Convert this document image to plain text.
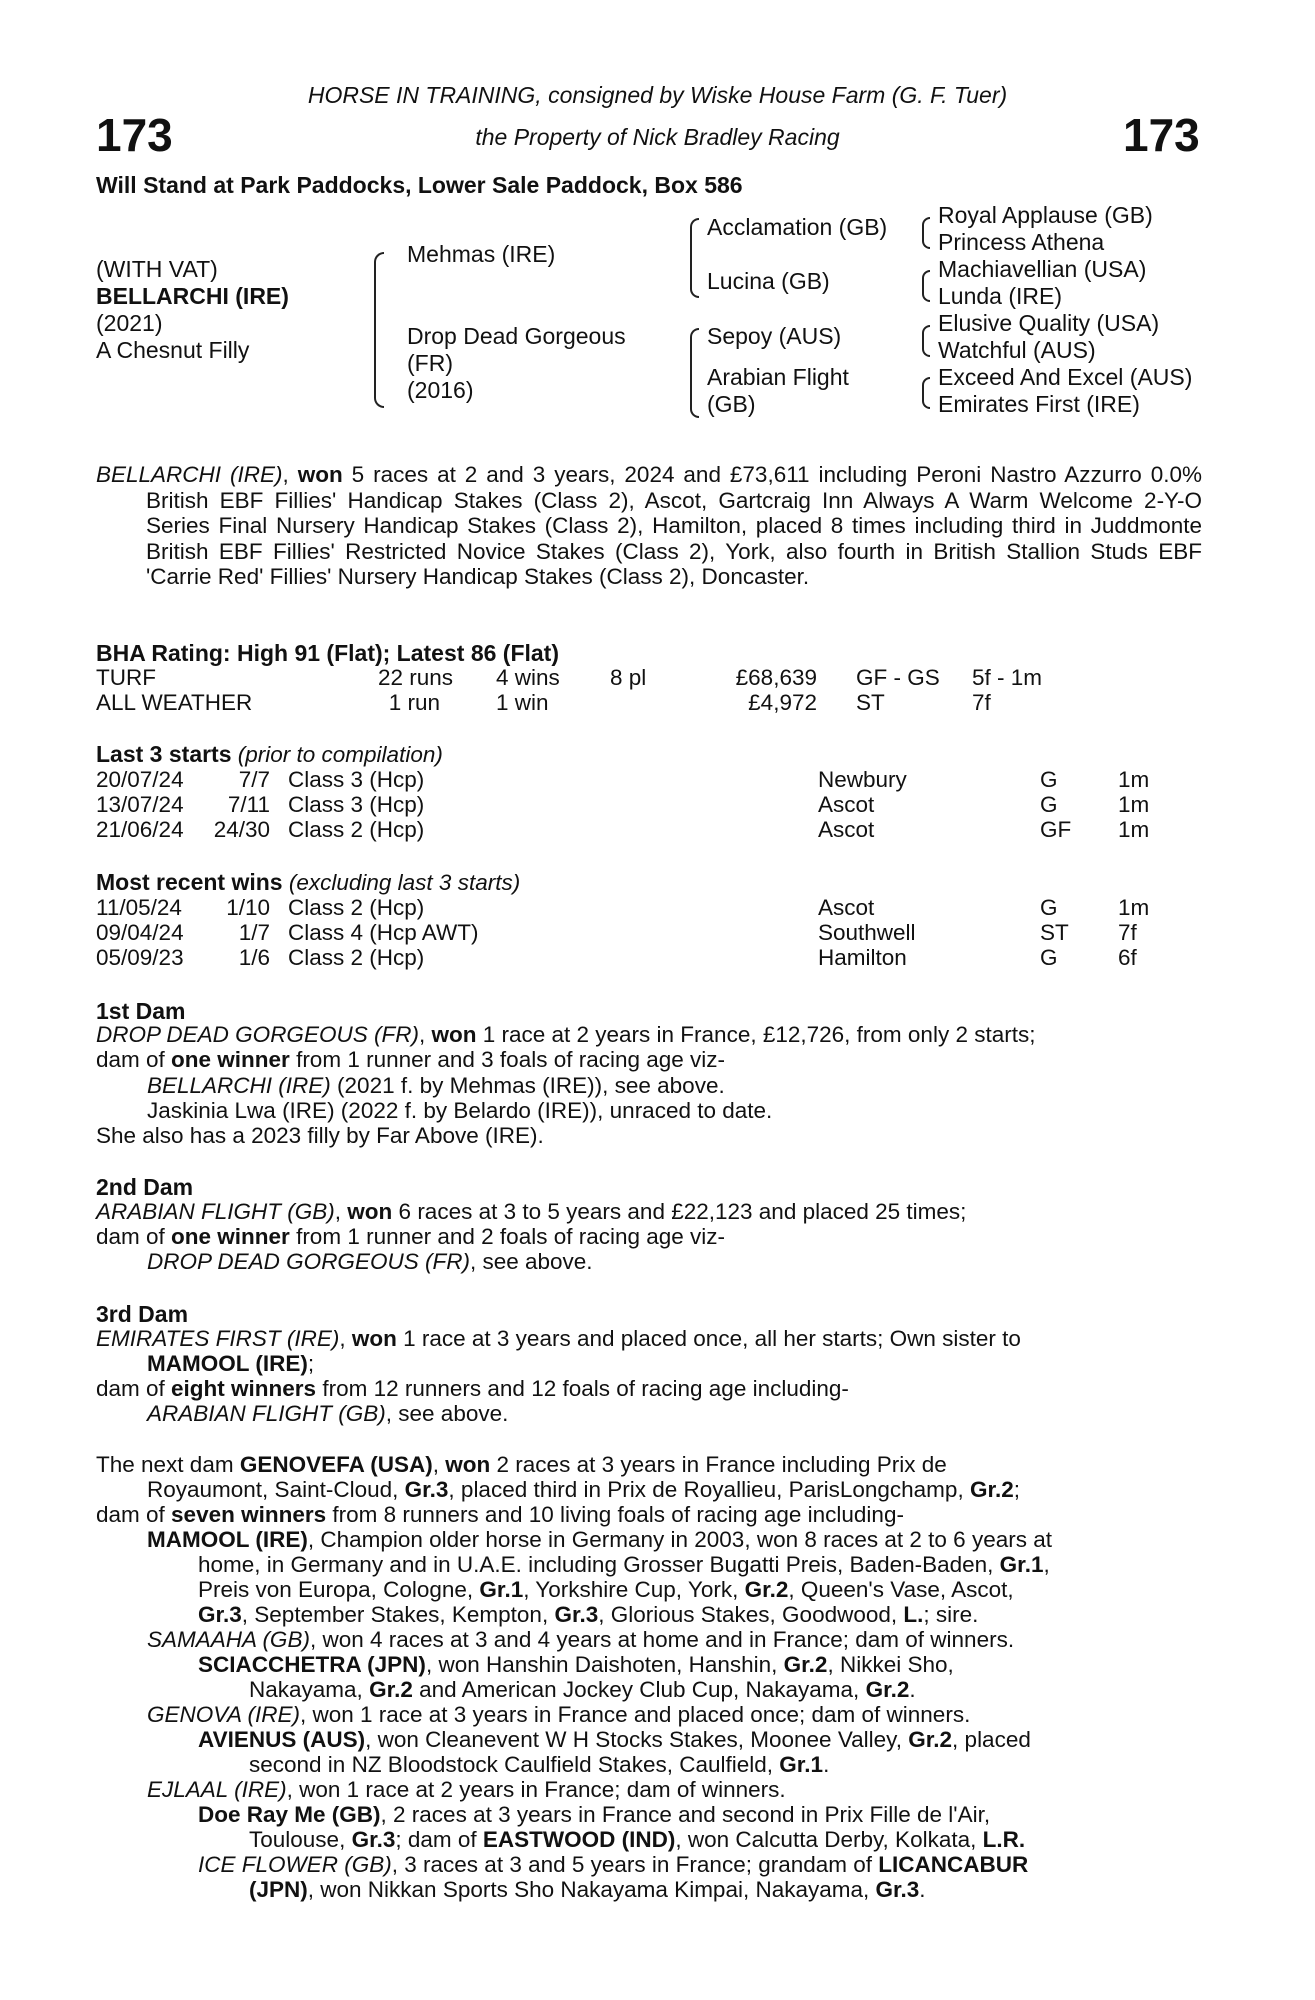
173	173
HORSE IN TRAINING, consigned by Wiske House Farm (G. F. Tuer)
the Property of Nick Bradley Racing
Will Stand at Park Paddocks, Lower Sale Paddock, Box 586
(WITH VAT)
BELLARCHI (IRE)
(2021)
A Chesnut Filly
Mehmas (IRE)
Drop Dead Gorgeous
(FR)
(2016)
Acclamation (GB)
Lucina (GB)
Sepoy (AUS)
Arabian Flight
(GB)
Royal Applause (GB)
Princess Athena
Machiavellian (USA)
Lunda (IRE)
Elusive Quality (USA)
Watchful (AUS)
Exceed And Excel (AUS)
Emirates First (IRE)
BELLARCHI (IRE), won 5 races at 2 and 3 years, 2024 and £73,611 including Peroni Nastro Azzurro 0.0% British EBF Fillies' Handicap Stakes (Class 2), Ascot, Gartcraig Inn Always A Warm Welcome 2-Y-O Series Final Nursery Handicap Stakes (Class 2), Hamilton, placed 8 times including third in Juddmonte British EBF Fillies' Restricted Novice Stakes (Class 2), York, also fourth in British Stallion Studs EBF 'Carrie Red' Fillies' Nursery Handicap Stakes (Class 2), Doncaster.
BHA Rating: High 91 (Flat); Latest 86 (Flat)
TURF	22 runs 4 wins 8 pl	£68,639 GF - GS 5f - 1m
ALL WEATHER	1 run 1 win	£4,972 ST	7f
Last 3 starts (prior to compilation)
20/07/24 7/7 Class 3 (Hcp)	Newbury	G	1m
13/07/24 7/11 Class 3 (Hcp)	Ascot	G	1m
21/06/24 24/30 Class 2 (Hcp)	Ascot	GF 1m
Most recent wins (excluding last 3 starts)
11/05/24 1/10 Class 2 (Hcp)	Ascot	G	1m
09/04/24 1/7 Class 4 (Hcp AWT)	Southwell	ST 7f
05/09/23 1/6 Class 2 (Hcp)	Hamilton	G	6f
1st Dam
DROP DEAD GORGEOUS (FR), won 1 race at 2 years in France, £12,726, from only 2 starts;
dam of one winner from 1 runner and 3 foals of racing age viz-
BELLARCHI (IRE) (2021 f. by Mehmas (IRE)), see above.
Jaskinia Lwa (IRE) (2022 f. by Belardo (IRE)), unraced to date.
She also has a 2023 filly by Far Above (IRE).
2nd Dam
ARABIAN FLIGHT (GB), won 6 races at 3 to 5 years and £22,123 and placed 25 times;
dam of one winner from 1 runner and 2 foals of racing age viz-
DROP DEAD GORGEOUS (FR), see above.
3rd Dam
EMIRATES FIRST (IRE), won 1 race at 3 years and placed once, all her starts; Own sister to
MAMOOL (IRE);
dam of eight winners from 12 runners and 12 foals of racing age including-
ARABIAN FLIGHT (GB), see above.
The next dam GENOVEFA (USA), won 2 races at 3 years in France including Prix de
Royaumont, Saint-Cloud, Gr.3, placed third in Prix de Royallieu, ParisLongchamp, Gr.2;
dam of seven winners from 8 runners and 10 living foals of racing age including-
MAMOOL (IRE), Champion older horse in Germany in 2003, won 8 races at 2 to 6 years at
home, in Germany and in U.A.E. including Grosser Bugatti Preis, Baden-Baden, Gr.1,
Preis von Europa, Cologne, Gr.1, Yorkshire Cup, York, Gr.2, Queen's Vase, Ascot,
Gr.3, September Stakes, Kempton, Gr.3, Glorious Stakes, Goodwood, L.; sire.
SAMAAHA (GB), won 4 races at 3 and 4 years at home and in France; dam of winners.
SCIACCHETRA (JPN), won Hanshin Daishoten, Hanshin, Gr.2, Nikkei Sho,
Nakayama, Gr.2 and American Jockey Club Cup, Nakayama, Gr.2.
GENOVA (IRE), won 1 race at 3 years in France and placed once; dam of winners.
AVIENUS (AUS), won Cleanevent W H Stocks Stakes, Moonee Valley, Gr.2, placed
second in NZ Bloodstock Caulfield Stakes, Caulfield, Gr.1.
EJLAAL (IRE), won 1 race at 2 years in France; dam of winners.
Doe Ray Me (GB), 2 races at 3 years in France and second in Prix Fille de l'Air,
Toulouse, Gr.3; dam of EASTWOOD (IND), won Calcutta Derby, Kolkata, L.R.
ICE FLOWER (GB), 3 races at 3 and 5 years in France; grandam of LICANCABUR
(JPN), won Nikkan Sports Sho Nakayama Kimpai, Nakayama, Gr.3.
